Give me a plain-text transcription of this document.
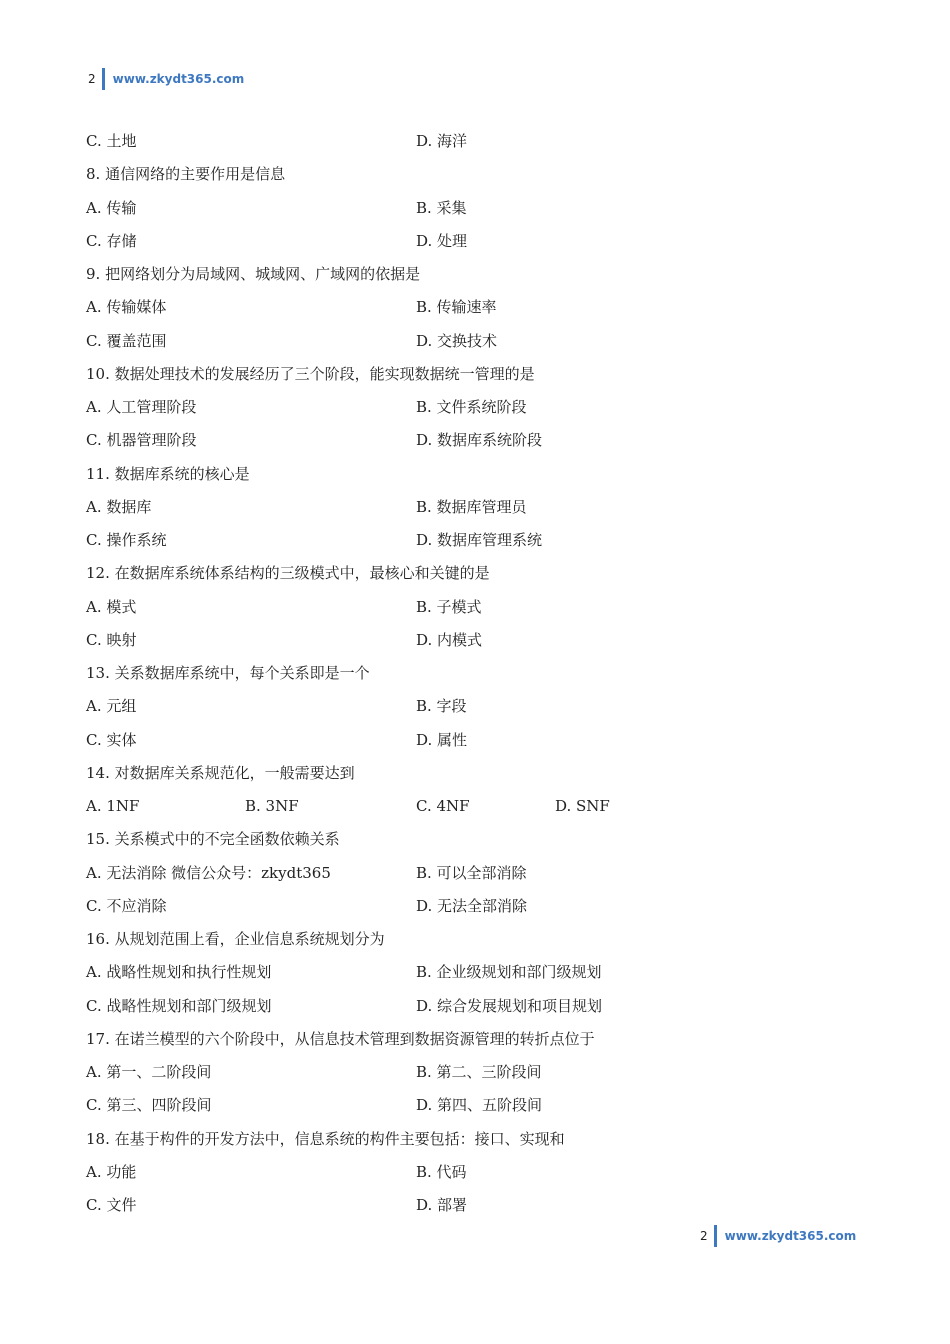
2 www.zkydt365.com
C. 土地	D. 海洋
8. 通信网络的主要作用是信息
A. 传输	B. 采集
C. 存储	D. 处理
9. 把网络划分为局域网、城域网、广域网的依据是
A. 传输媒体	B. 传输速率
C. 覆盖范围	D. 交换技术
10. 数据处理技术的发展经历了三个阶段，能实现数据统一管理的是
A. 人工管理阶段	B. 文件系统阶段
C. 机器管理阶段	D. 数据库系统阶段
11. 数据库系统的核心是
A. 数据库	B. 数据库管理员
C. 操作系统	D. 数据库管理系统
12. 在数据库系统体系结构的三级模式中，最核心和关键的是
A. 模式	B. 子模式
C. 映射	D. 内模式
13. 关系数据库系统中，每个关系即是一个
A. 元组	B. 字段
C. 实体	D. 属性
14. 对数据库关系规范化，一般需要达到
A. 1NF	B. 3NF	C. 4NF	D. SNF
15. 关系模式中的不完全函数依赖关系
A. 无法消除 微信公众号：zkydt365	B. 可以全部消除
C. 不应消除	D. 无法全部消除
16. 从规划范围上看，企业信息系统规划分为
A. 战略性规划和执行性规划	B. 企业级规划和部门级规划
C. 战略性规划和部门级规划	D. 综合发展规划和项目规划
17. 在诺兰模型的六个阶段中，从信息技术管理到数据资源管理的转折点位于
A. 第一、二阶段间	B. 第二、三阶段间
C. 第三、四阶段间	D. 第四、五阶段间
18. 在基于构件的开发方法中，信息系统的构件主要包括：接口、实现和
A. 功能	B. 代码
C. 文件	D. 部署
2 www.zkydt365.com
